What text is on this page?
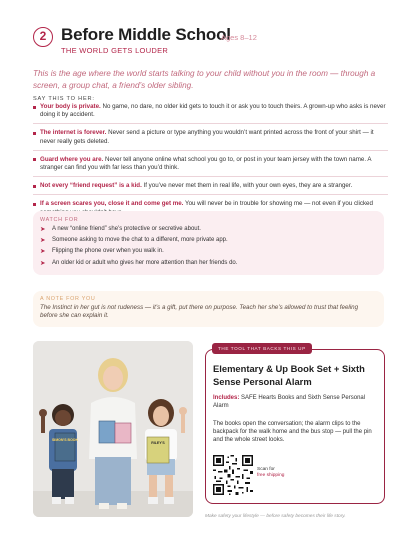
2 Before Middle School
Ages 8–12
THE WORLD GETS LOUDER

This is the age where the world starts talking to your child without you in the room — through a screen, a group chat, a friend’s older sibling.

SAY THIS TO HER:
Your body is private. No game, no dare, no older kid gets to touch it or ask you to touch theirs. A grown-up who asks is never doing it by accident.
The internet is forever. Never send a picture or type anything you wouldn’t want printed across the front of your shirt — it never really gets deleted.
Guard where you are. Never tell anyone online what school you go to, or post in your team jersey with the town name. A stranger can find you with far less than you’d think.
Not every “friend request” is a kid. If you’ve never met them in real life, with your own eyes, they are a stranger.
If a screen scares you, close it and come get me. You will never be in trouble for showing me — not even if you clicked
WATCH FOR
➤ A new “online friend” she’s protective or secretive about.
➤ Someone asking to move the chat to a different, more private app.
➤ Flipping the phone over when you walk in.
➤ An older kid or adult who gives her more attention than her friends do.
A NOTE FOR YOU

The Instinct in her gut is not rudeness — it’s a gift, put there on purpose. Teach her she’s allowed to trust that feeling before she can explain it.

SIMON'S BOOK
RILEY'S
THE TOOL THAT BACKS THIS UP
Elementary & Up Book Set + Sixth Sense Personal Alarm
Includes: SAFE Hearts Books and Sixth Sense Personal Alarm
The books open the conversation; the alarm clips to the backpack for the walk home and the bus stop — pull the pin and the whole street looks.
Scan for
free shipping
Make safety your lifestyle — before safety becomes their life story.
